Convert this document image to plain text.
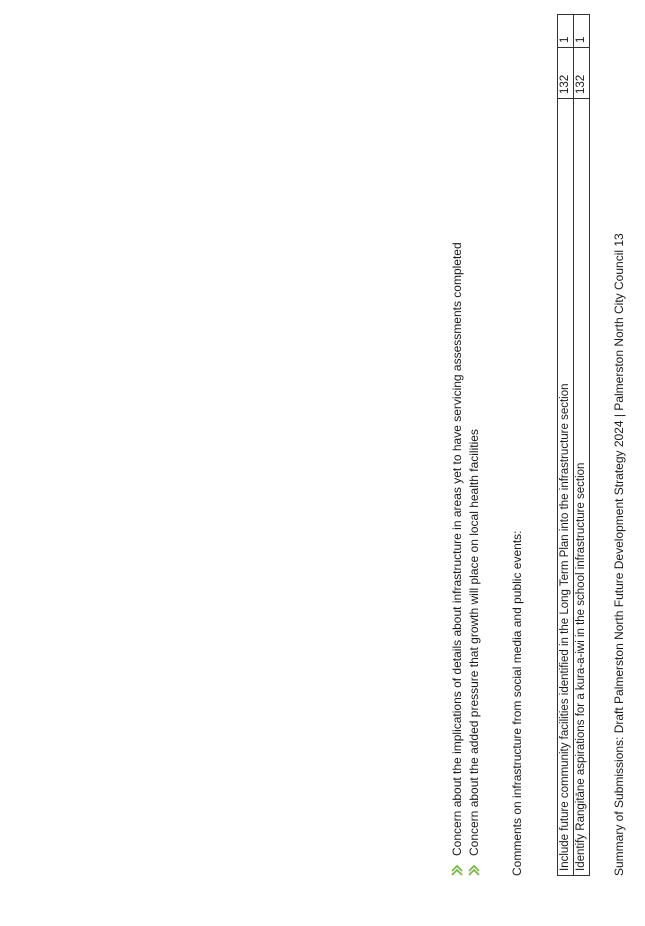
Include future community facilities identified in the Long Term Plan into the infrastructure section	132	1
Identify Rangitāne aspirations for a kura-a-iwi in the school infrastructure section	132	1
Comments on infrastructure from social media and public events:
Concern about the added pressure that growth will place on local health facilities
Concern about the implications of details about infrastructure in areas yet to have servicing assessments completed	Summary of Submissions: Draft Palmerston North Future Development Strategy 2024 | Palmerston North City Council 13
